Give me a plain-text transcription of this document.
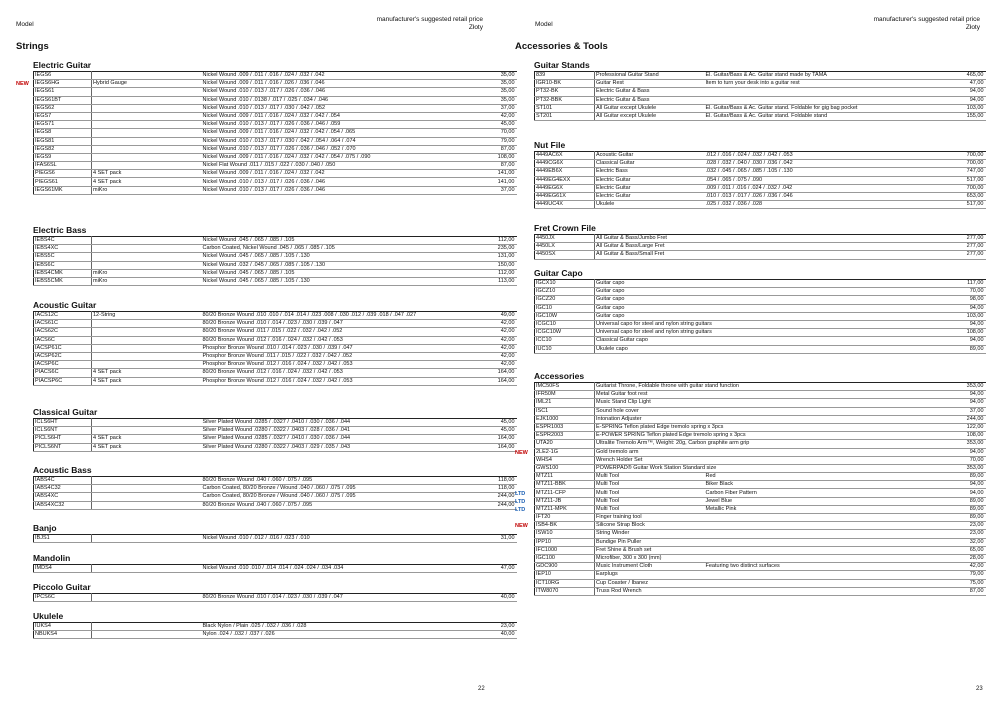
Model
manufacturer's suggested retail price
Złoty
Strings
Electric Guitar
NEW
IEGS6		Nickel Wound .009 / .011 / .016 / .024 / .032 / .042	35,00
IEGS6HG	Hybrid Gauge	Nickel Wound .009 / .011 / .016 / .026 / .036 / .046	35,00
IEGS61		Nickel Wound .010 / .013 / .017 / .026 / .036 / .046	35,00
IEGS61BT		Nickel Wound .010 / .0138 / .017 / .025 / .034 / .046	35,00
IEGS62		Nickel Wound .010 / .013 / .017 / .030 / .042 / .052	37,00
IEGS7		Nickel Wound .009 / .011 / .016 / .024 / .032 / .042 / .054	42,00
IEGS71		Nickel Wound .010 / .013 / .017 / .026 / .036 / .046 / .059	45,00
IEGS8		Nickel Wound .009 / .011 / .016 / .024 / .032 / .042 / .054 / .065	70,00
IEGS81		Nickel Wound .010 / .013 / .017 / .030 / .042 / .054 / .064 / .074	79,00
IEGS82		Nickel Wound .010 / .013 / .017 / .026 / .036 / .046 / .052 / .070	87,00
IEGS9		Nickel Wound .009 / .011 / .016 / .024 / .032 / .042 / .054 / .075 / .090	108,00
IFAS6SL		Nickel Flat Wound .011 / .015 / .022 / .030 / .040 / .050	87,00
PIEGS6	4 SET pack	Nickel Wound .009 / .011 / .016 / .024 / .032 / .042	141,00
PIEGS61	4 SET pack	Nickel Wound .010 / .013 / .017 / .026 / .036 / .046	141,00
IEGS61MK	miKro	Nickel Wound .010 / .013 / .017 / .026 / .036 / .046	37,00
Electric Bass
IEBS4C		Nickel Wound .045 / .065 / .085 / .105	112,00
IEBS4XC		Carbon Coated, Nickel Wound .045 / .065 / .085 / .105	235,00
IEBS5C		Nickel Wound .045 / .065 / .085 / .105 / .130	131,00
IEBS6C		Nickel Wound .032 / .045 / .065 / .085 / .105 / .130	150,00
IEBS4CMK	miKro	Nickel Wound .045 / .065 / .085 / .105	112,00
IEBS5CMK	miKro	Nickel Wound .045 / .065 / .085 / .105 / .130	113,00
Acoustic Guitar
IACS12C	12-String	80/20 Bronze Wound .010 .010 / .014 .014 / .023 .008 / .030 .012 / .039 .018 / .047 .027	49,00
IACS61C		80/20 Bronze Wound .010 / .014 / .023 / .030 / .039 / .047	42,00
IACS62C		80/20 Bronze Wound .011 / .015 / .022 / .032 / .042 / .052	42,00
IACS6C		80/20 Bronze Wound .012 / .016 / .024 / .032 / .042 / .053	42,00
IACSP61C		Phosphor Bronze Wound .010 / .014 / .023 / .030 / .039 / .047	42,00
IACSP62C		Phosphor Bronze Wound .011 / .015 / .022 / .032 / .042 / .052	42,00
IACSP6C		Phosphor Bronze Wound .012 / .016 / .024 / .032 / .042 / .053	42,00
PIACS6C	4 SET pack	80/20 Bronze Wound .012 / .016 / .024 / .032 / .042 / .053	164,00
PIACSP6C	4 SET pack	Phosphor Bronze Wound .012 / .016 / .024 / .032 / .042 / .053	164,00
Classical Guitar
ICLS6HT		Silver Plated Wound .0285 / .0327 / .0410 / .030 / .036 / .044	45,00
ICLS6NT		Silver Plated Wound .0280 / .0322 / .0403 / .028 / .036 / .041	45,00
PICLS6HT	4 SET pack	Silver Plated Wound .0285 / .0327 / .0410 / .030 / .036 / .044	164,00
PICLS6NT	4 SET pack	Silver Plated Wound .0280 / .0322 / .0403 / .029 / .035 / .043	164,00
Acoustic Bass
IABS4C		80/20 Bronze Wound .040 / .060 / .075 / .095	118,00
IABS4C32		Carbon Coated, 80/20 Bronze / Wound .040 / .060 / .075 / .095	118,00
IABS4XC		Carbon Coated, 80/20 Bronze / Wound .040 / .060 / .075 / .095	244,00
IABS4XC32		80/20 Bronze Wound .040 / .060 / .075 / .095	244,00
Banjo
IBJS1		Nickel Wound .010 / .012 / .016 / .023 / .010	31,00
Mandolin
IMDS4		Nickel Wound .010 .010 / .014 .014 / .024 .024 / .034 .034	47,00
Piccolo Guitar
IPCS6C		80/20 Bronze Wound .010 / .014 / .023 / .030 / .039 / .047	40,00
Ukulele
IUKS4		Black Nylon / Plain .025 / .032 / .036 / .028	23,00
NBUKS4		Nylon .024 / .032 / .037 / .026	40,00
22
Model
manufacturer's suggested retail price
Złoty
Accessories & Tools
Guitar Stands
839	Professional Guitar Stand	El. Guitar/Bass & Ac. Guitar stand made by TAMA	465,00
IGR10-BK	Guitar Rest	Item to turn your desk into a guitar rest	47,00
PT32-BK	Electric Guitar & Bass		94,00
PT32-BBK	Electric Guitar & Bass		94,00
ST101	All Guitar except Ukulele	El. Guitar/Bass & Ac. Guitar stand. Foldable for gig bag pocket	103,00
ST201	All Guitar except Ukulele	El. Guitar/Bass & Ac. Guitar stand. Foldable stand	155,00
Nut File
4449AC6X	Acoustic Guitar	.012 / .016 / .024 / .032 / .042 / .053	700,00
4449CG6X	Classical Guitar	.028 / .032 / .040 / .030 / .036 / .042	700,00
4449EB6X	Electric Bass	.032 / .045 / .065 / .085 / .105 / .130	747,00
4449EG4EXX	Electric Guitar	.054 / .065 / .075 / .090	517,00
4449EG6X	Electric Guitar	.009 / .011 / .016 / .024 / .032 / .042	700,00
4449EG61X	Electric Guitar	.010 / .013 / .017 / .026 / .036 / .046	653,00
4449UC4X	Ukulele	.025 / .032 / .036 / .028	517,00
Fret Crown File
4450JX	All Guitar & Bass/Jumbo Fret		277,00
4450LX	All Guitar & Bass/Large Fret		277,00
4450SX	All Guitar & Bass/Small Fret		277,00
Guitar Capo
IGCX10	Guitar capo		117,00
IGCZ10	Guitar capo		70,00
IGCZ20	Guitar capo		98,00
IGC10	Guitar capo		94,00
IGC10W	Guitar capo		103,00
ICGC10	Universal capo for steel and nylon string guitars		94,00
ICGC10W	Universal capo for steel and nylon string guitars		108,00
ICC10	Classical Guitar capo		94,00
IUC10	Ukulele capo		89,00
Accessories
NEW
LTD
LTD
LTD
NEW
IMC50FS	Guitarist Throne, Foldable throne with guitar stand function		353,00
IFR50M	Metal Guitar foot rest		94,00
IML21	Music Stand Clip Light		94,00
ISC1	Sound hole cover		37,00
EJK1000	Intonation Adjuster		244,00
ESPR1003	E-SPRING Teflon plated Edge tremolo spring x 3pcs		122,00
ESPR2003	E-POWER SPRING Teflon plated Edge tremolo spring x 3pcs		108,00
UTA20	Ultralite Tremolo Arm™, Weight: 20g, Carbon graphite arm grip		353,00
2LE2-1G	Gold tremolo arm		94,00
WHS4	Wrench Holder Set		70,00
GWS100	POWERPAD® Guitar Work Station Standard size		353,00
MTZ11	Multi Tool	Red	89,00
MTZ11-BBK	Multi Tool	Biker Black	94,00
MTZ11-CFP	Multi Tool	Carbon Fiber Pattern	94,00
MTZ11-JB	Multi Tool	Jewel Blue	89,00
MTZ11-MPK	Multi Tool	Metallic Pink	89,00
IFT20	Finger training tool		89,00
ISB4-BK	Silicone Strap Block		23,00
ISW10	String Winder		23,00
IPP10	Bundige Pin Puller		32,00
IFC1000	Fret Shine & Brush set		65,00
IGC100	Microfiber, 300 x 300 (mm)		28,00
GDC900	Music Instrument Cloth	Featuring two distinct surfaces	42,00
IEP10	Earplugs		79,00
ICT10RG	Cup Coaster / Ibanez		75,00
ITW8070	Truss Rod Wrench		87,00
23
